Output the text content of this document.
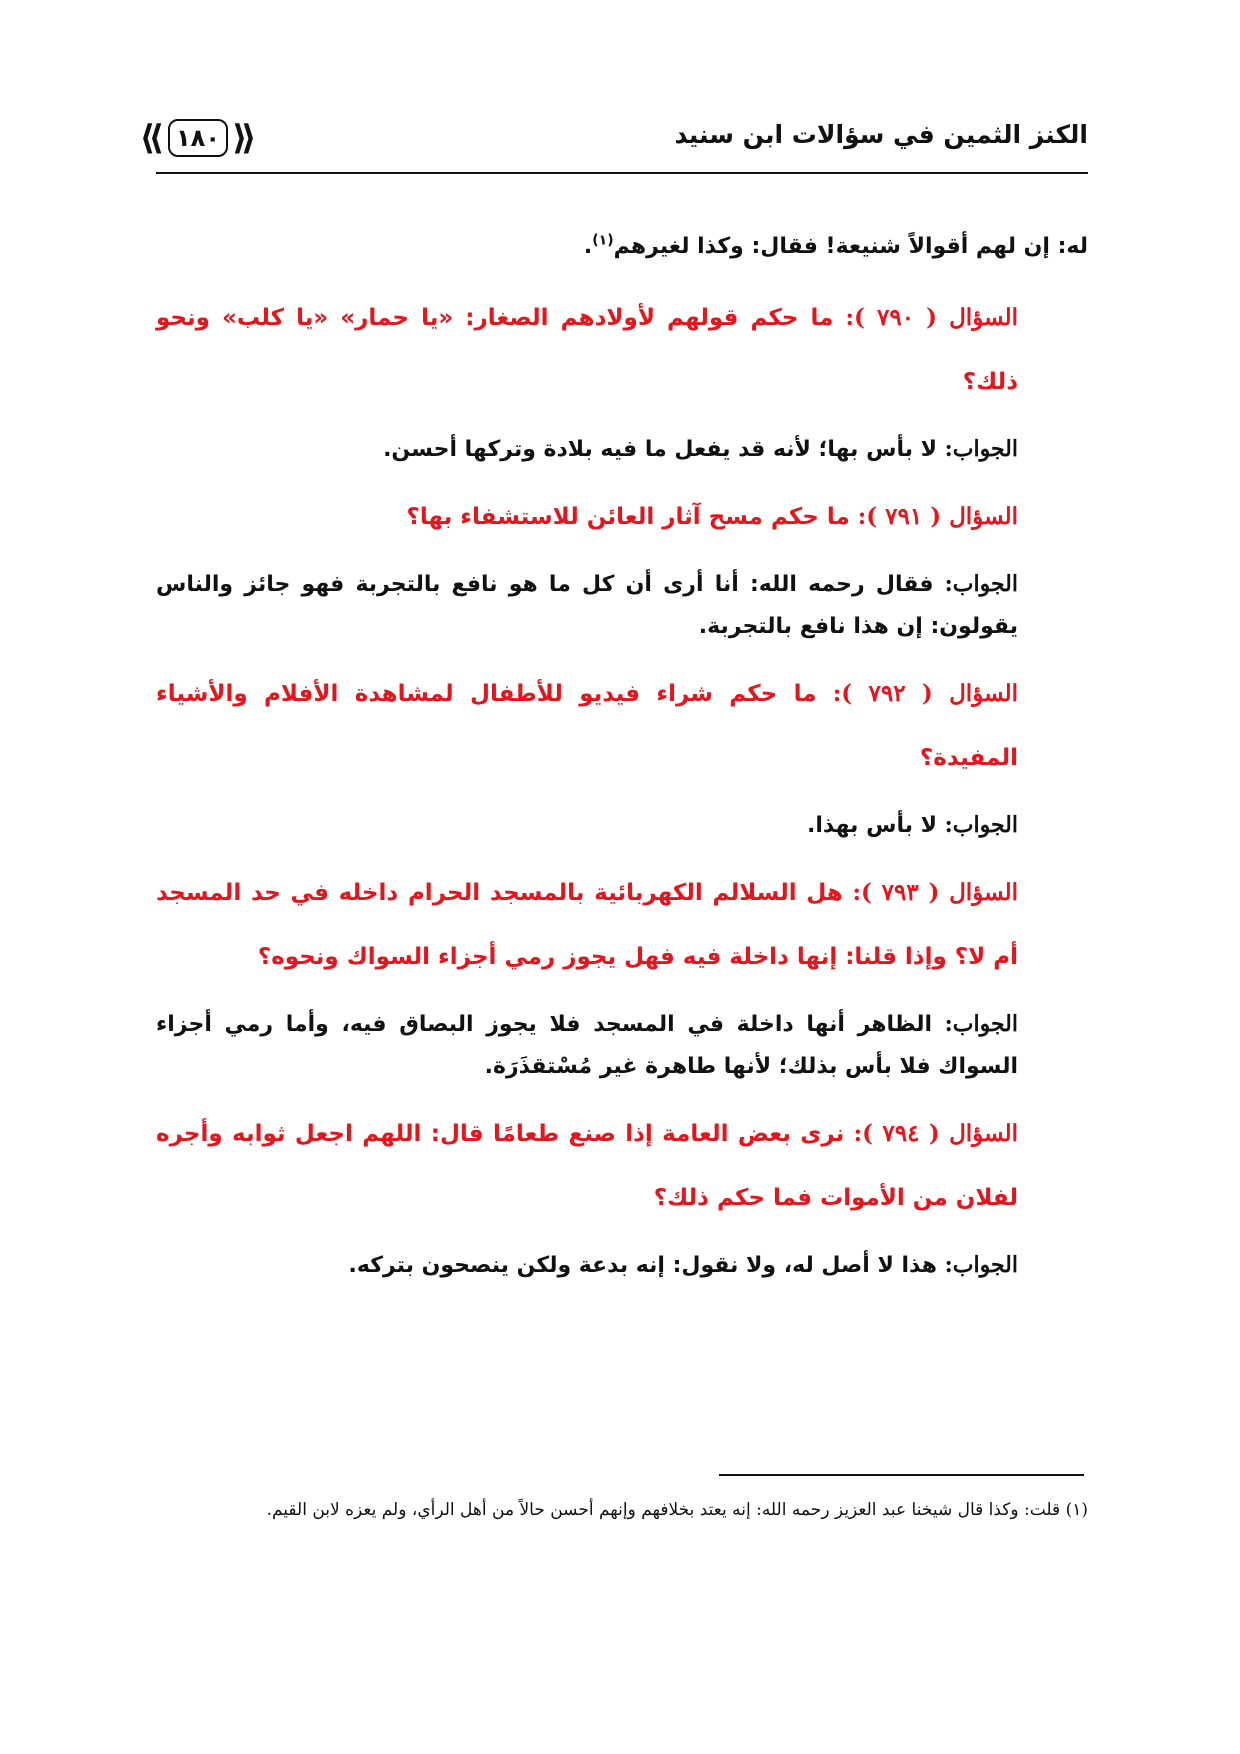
⟪ ١٨٠ ⟫	الكنز الثمين في سؤالات ابن سنيد

له: إن لهم أقوالاً شنيعة! فقال: وكذا لغيرهم$^{(١)}$.

السؤال ( ٧٩٠ ): ما حكم قولهم لأولادهم الصغار: «يا حمار» «يا كلب» ونحو ذلك؟

الجواب: لا بأس بها؛ لأنه قد يفعل ما فيه بلادة وتركها أحسن.

السؤال ( ٧٩١ ): ما حكم مسح آثار العائن للاستشفاء بها؟

الجواب: فقال رحمه الله: أنا أرى أن كل ما هو نافع بالتجربة فهو جائز والناس يقولون: إن هذا نافع بالتجربة.

السؤال ( ٧٩٢ ): ما حكم شراء فيديو للأطفال لمشاهدة الأفلام والأشياء المفيدة؟

الجواب: لا بأس بهذا.

السؤال ( ٧٩٣ ): هل السلالم الكهربائية بالمسجد الحرام داخله في حد المسجد أم لا؟ وإذا قلنا: إنها داخلة فيه فهل يجوز رمي أجزاء السواك ونحوه؟

الجواب: الظاهر أنها داخلة في المسجد فلا يجوز البصاق فيه، وأما رمي أجزاء السواك فلا بأس بذلك؛ لأنها طاهرة غير مُسْتقذَرَة.

السؤال ( ٧٩٤ ): نرى بعض العامة إذا صنع طعامًا قال: اللهم اجعل ثوابه وأجره لفلان من الأموات فما حكم ذلك؟

الجواب: هذا لا أصل له، ولا نقول: إنه بدعة ولكن ينصحون بتركه.

(١) قلت: وكذا قال شيخنا عبد العزيز رحمه الله: إنه يعتد بخلافهم وإنهم أحسن حالاً من أهل الرأي، ولم يعزه لابن القيم.
